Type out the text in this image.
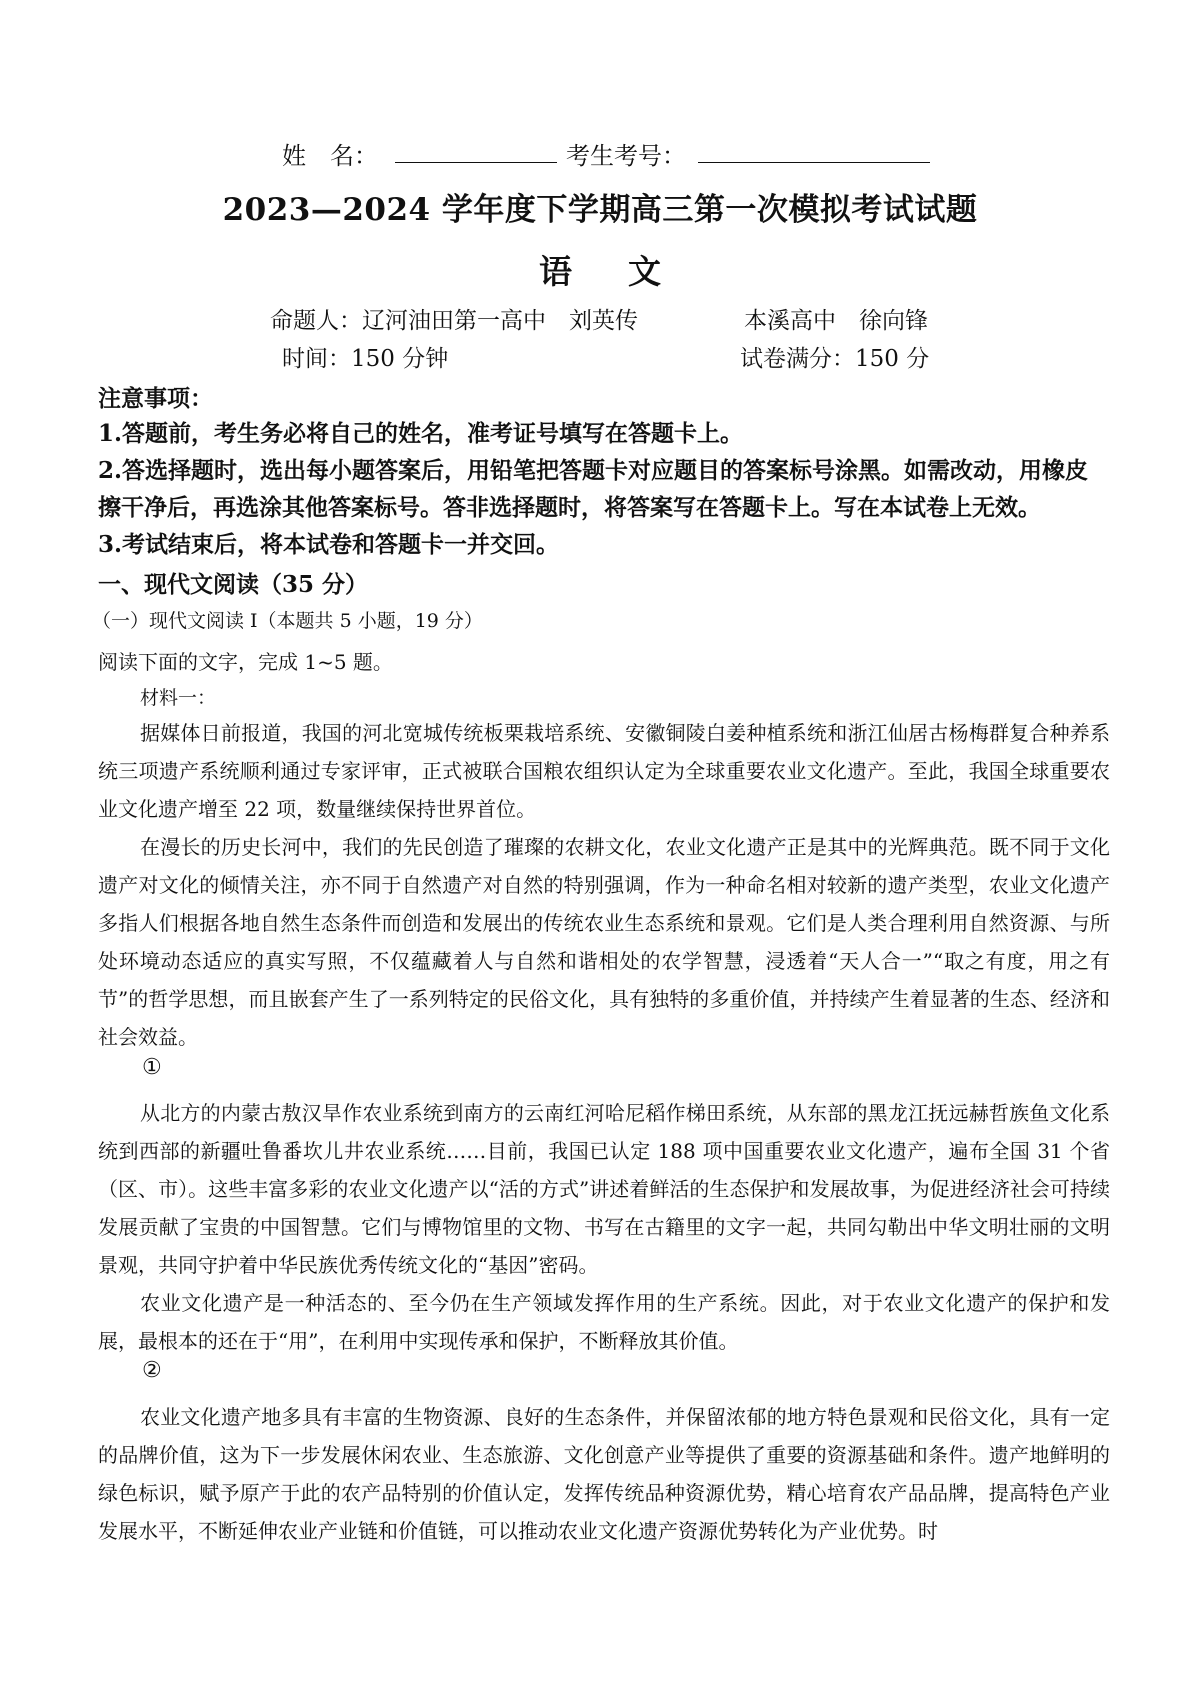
姓　名：	考生考号：
2023—2024 学年度下学期高三第一次模拟考试试题
语 文
命题人：辽河油田第一高中　刘英传	本溪高中　徐向锋
时间：150 分钟	试卷满分：150 分
注意事项：
1.答题前，考生务必将自己的姓名，准考证号填写在答题卡上。
2.答选择题时，选出每小题答案后，用铅笔把答题卡对应题目的答案标号涂黑。如需改动，用橡皮擦干净后，再选涂其他答案标号。答非选择题时，将答案写在答题卡上。写在本试卷上无效。
3.考试结束后，将本试卷和答题卡一并交回。
一、现代文阅读（35 分）
（一）现代文阅读 I（本题共 5 小题，19 分）
阅读下面的文字，完成 1~5 题。
材料一：
据媒体日前报道，我国的河北宽城传统板栗栽培系统、安徽铜陵白姜种植系统和浙江仙居古杨梅群复合种养系统三项遗产系统顺利通过专家评审，正式被联合国粮农组织认定为全球重要农业文化遗产。至此，我国全球重要农业文化遗产增至 22 项，数量继续保持世界首位。
在漫长的历史长河中，我们的先民创造了璀璨的农耕文化，农业文化遗产正是其中的光辉典范。既不同于文化遗产对文化的倾情关注，亦不同于自然遗产对自然的特别强调，作为一种命名相对较新的遗产类型，农业文化遗产多指人们根据各地自然生态条件而创造和发展出的传统农业生态系统和景观。它们是人类合理利用自然资源、与所处环境动态适应的真实写照，不仅蕴藏着人与自然和谐相处的农学智慧，浸透着“天人合一”“取之有度，用之有节”的哲学思想，而且嵌套产生了一系列特定的民俗文化，具有独特的多重价值，并持续产生着显著的生态、经济和社会效益。
①
从北方的内蒙古敖汉旱作农业系统到南方的云南红河哈尼稻作梯田系统，从东部的黑龙江抚远赫哲族鱼文化系统到西部的新疆吐鲁番坎儿井农业系统……目前，我国已认定 188 项中国重要农业文化遗产，遍布全国 31 个省（区、市）。这些丰富多彩的农业文化遗产以“活的方式”讲述着鲜活的生态保护和发展故事，为促进经济社会可持续发展贡献了宝贵的中国智慧。它们与博物馆里的文物、书写在古籍里的文字一起，共同勾勒出中华文明壮丽的文明景观，共同守护着中华民族优秀传统文化的“基因”密码。
农业文化遗产是一种活态的、至今仍在生产领域发挥作用的生产系统。因此，对于农业文化遗产的保护和发展，最根本的还在于“用”，在利用中实现传承和保护，不断释放其价值。
②
农业文化遗产地多具有丰富的生物资源、良好的生态条件，并保留浓郁的地方特色景观和民俗文化，具有一定的品牌价值，这为下一步发展休闲农业、生态旅游、文化创意产业等提供了重要的资源基础和条件。遗产地鲜明的绿色标识，赋予原产于此的农产品特别的价值认定，发挥传统品种资源优势，精心培育农产品品牌，提高特色产业发展水平，不断延伸农业产业链和价值链，可以推动农业文化遗产资源优势转化为产业优势。时
